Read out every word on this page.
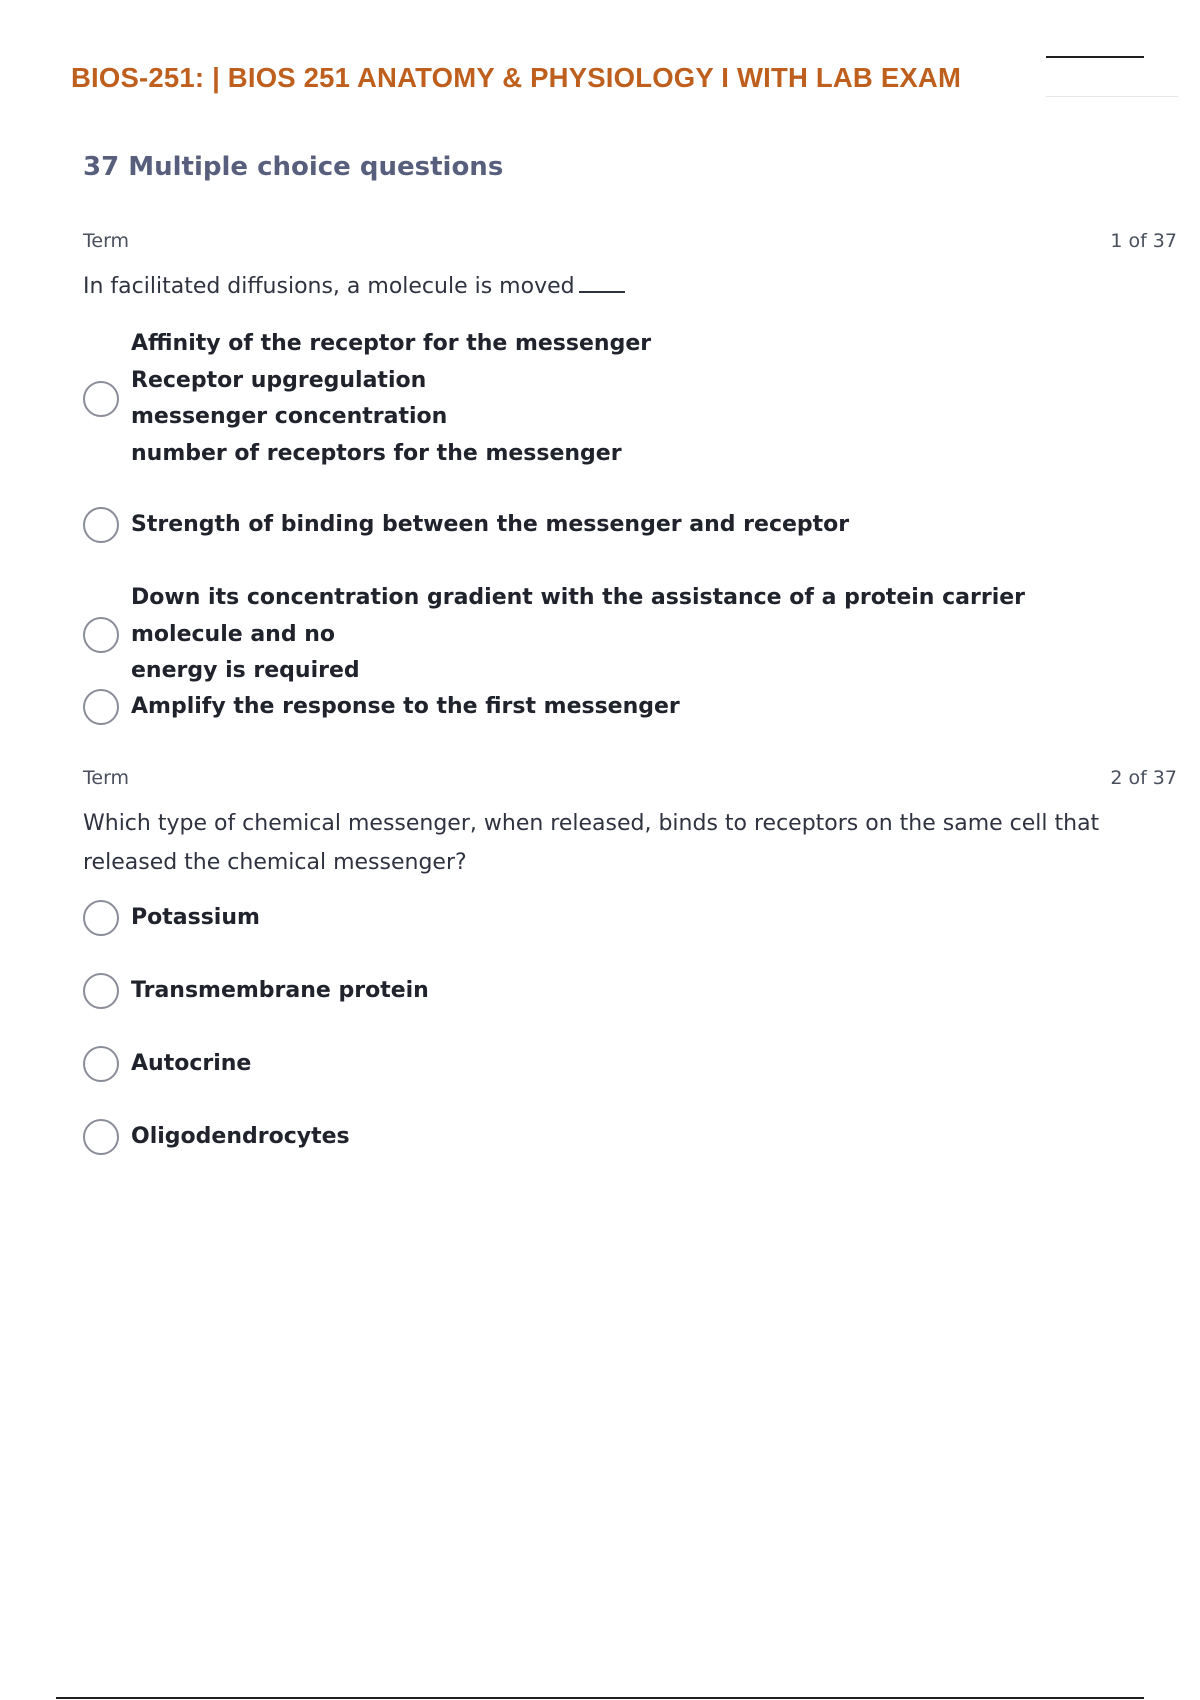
BIOS-251: | BIOS 251 ANATOMY & PHYSIOLOGY I WITH LAB EXAM
37 Multiple choice questions
Term	1 of 37
In facilitated diffusions, a molecule is moved
Affinity of the receptor for the messenger
Receptor upgregulation
messenger concentration
number of receptors for the messenger
Strength of binding between the messenger and receptor
Down its concentration gradient with the assistance of a protein carrier molecule and no
energy is required
Amplify the response to the first messenger
Term	2 of 37
Which type of chemical messenger, when released, binds to receptors on the same cell that released the chemical messenger?
Potassium
Transmembrane protein
Autocrine
Oligodendrocytes
